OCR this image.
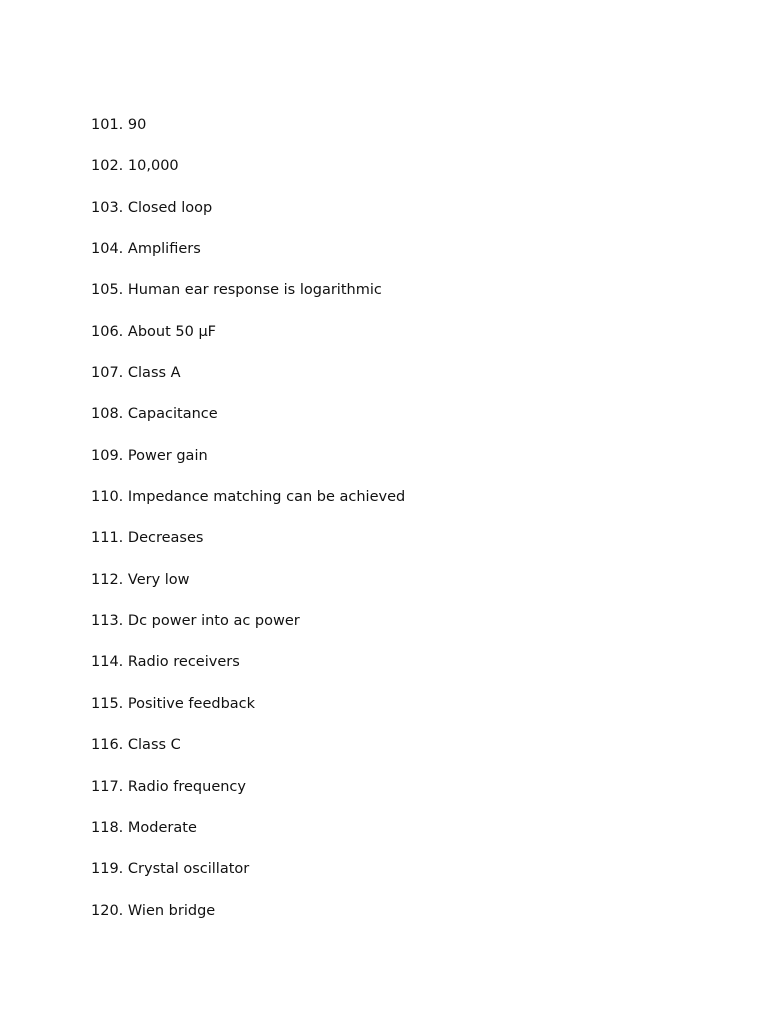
101. 90
102. 10,000
103. Closed loop
104. Amplifiers
105. Human ear response is logarithmic
106. About 50 μF
107. Class A
108. Capacitance
109. Power gain
110. Impedance matching can be achieved
111. Decreases
112. Very low
113. Dc power into ac power
114. Radio receivers
115. Positive feedback
116. Class C
117. Radio frequency
118. Moderate
119. Crystal oscillator
120. Wien bridge
